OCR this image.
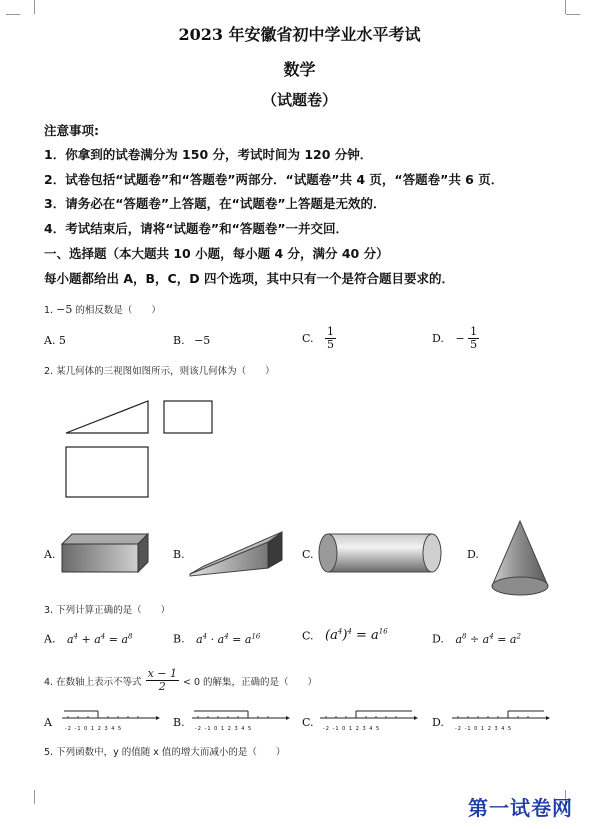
2023 年安徽省初中学业水平考试
数学
（试题卷）
注意事项:
1．你拿到的试卷满分为 150 分，考试时间为 120 分钟．
2．试卷包括“试题卷”和“答题卷”两部分．“试题卷”共 4 页，“答题卷”共 6 页．
3．请务必在“答题卷”上答题，在“试题卷”上答题是无效的．
4．考试结束后，请将“试题卷”和“答题卷”一并交回．
一、选择题（本大题共 10 小题，每小题 4 分，满分 40 分）
每小题都给出 A，B，C，D 四个选项，其中只有一个是符合题目要求的．
1. −5 的相反数是（　　）
A. 5	B. −5	C. $\frac{1}{5}$	D. − $\frac{1}{5}$
2. 某几何体的三视图如图所示，则该几何体为（　　）
A.	B.	C.	D.
3. 下列计算正确的是（　　）
A. $a^4 + a^4 = a^8$	B. $a^4 \cdot a^4 = a^{16}$	C. $(a^4)^4 = a^{16}$
D. $a^8 \div a^4 = a^2$
4. 在数轴上表示不等式 $\frac{x - 1}{2} < 0$ 的解集，正确的是（　　）
A	-2 -1 0 1 2 3 4 5	B. -2 -1 0 1 2 3 4 5	C. -2 -1 0 1 2 3 4 5	D. -2 -1 0 1 2 3 4 5
5. 下列函数中，y 的值随 x 值的增大而减小的是（　　）
第一试卷网
